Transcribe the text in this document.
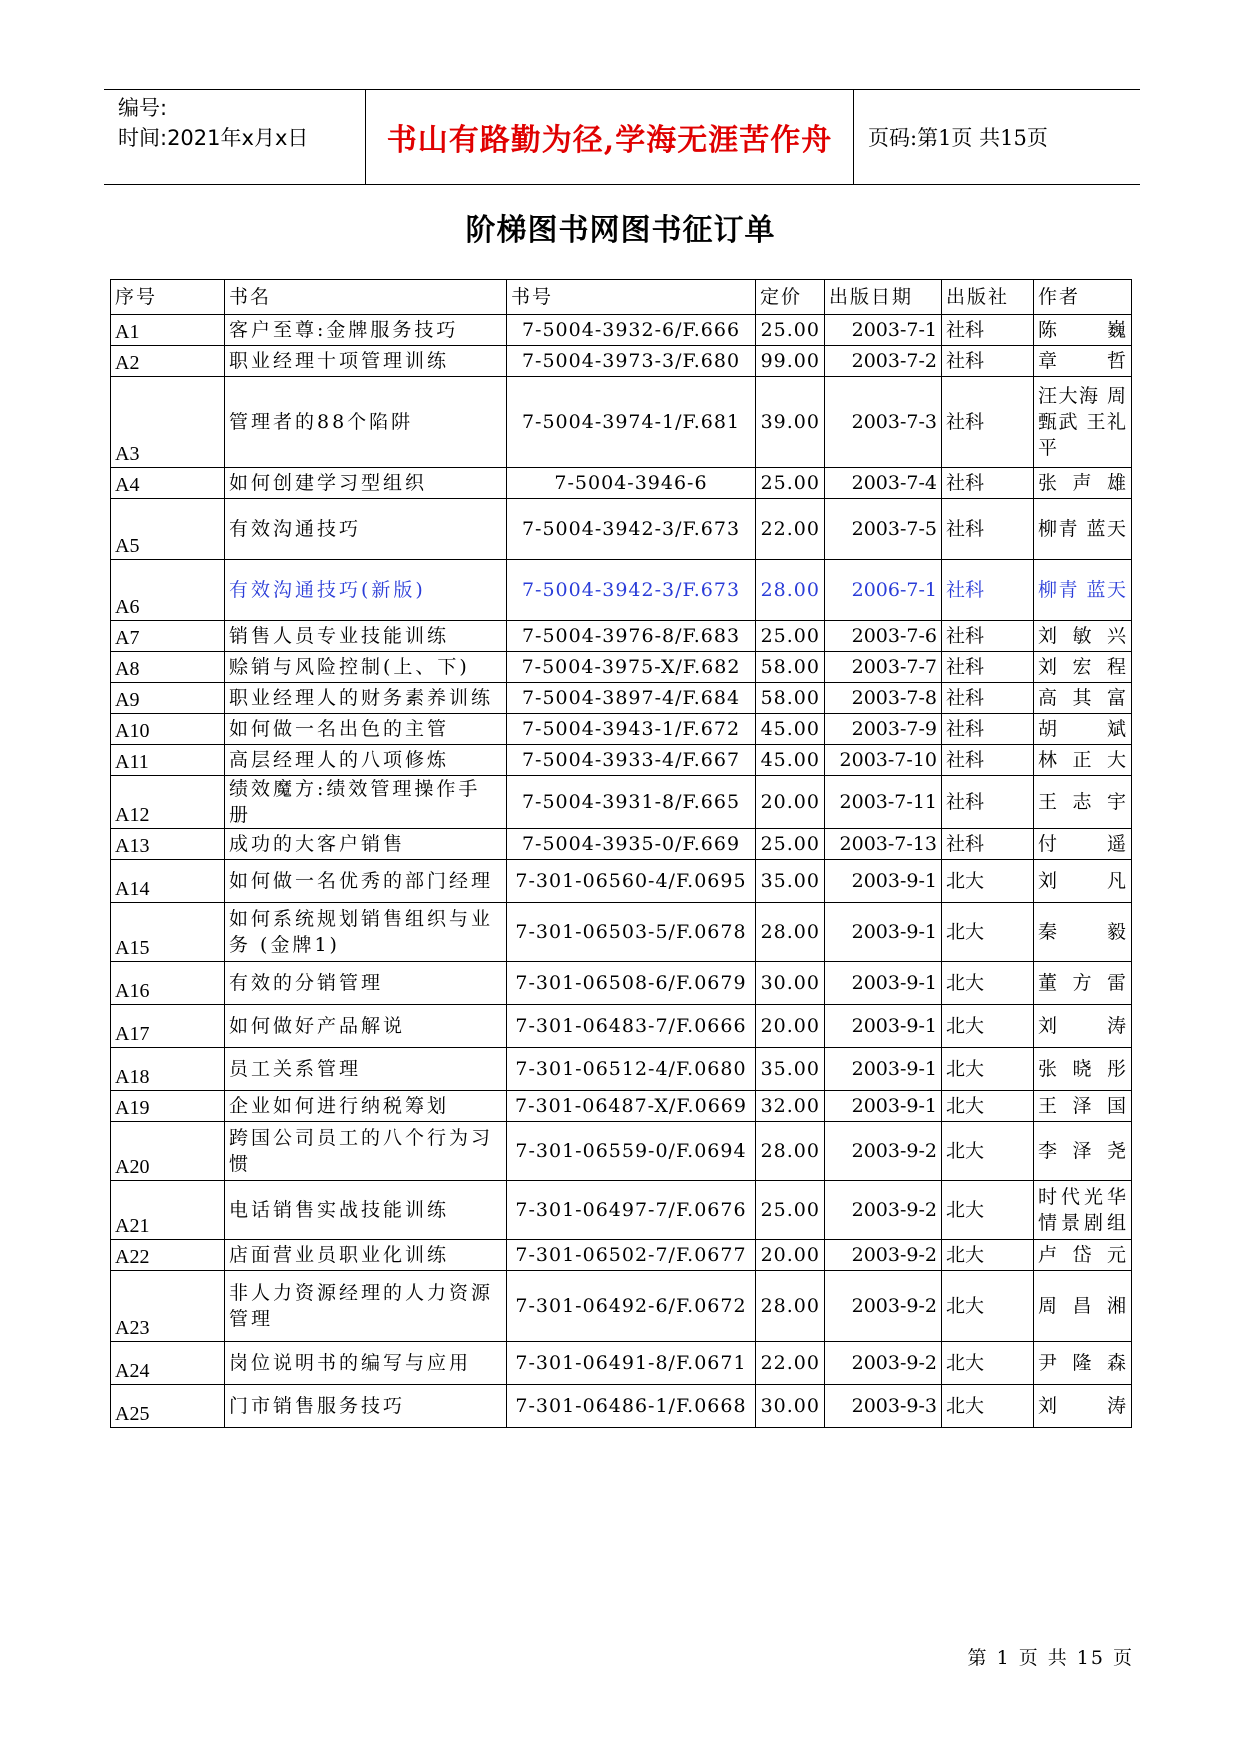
编号:
时间:2021年x月x日	书山有路勤为径,学海无涯苦作舟	页码:第1页 共15页
阶梯图书网图书征订单
序号	书名	书号	定价	出版日期	出版社	作者
A1	客户至尊:金牌服务技巧	7-5004-3932-6/F.666	25.00	2003-7-1	社科	陈巍
A2	职业经理十项管理训练	7-5004-3973-3/F.680	99.00	2003-7-2	社科	章哲
A3	管理者的88个陷阱	7-5004-3974-1/F.681	39.00	2003-7-3	社科	汪大海 周甄武 王礼平
A4	如何创建学习型组织	7-5004-3946-6	25.00	2003-7-4	社科	张声雄
A5	有效沟通技巧	7-5004-3942-3/F.673	22.00	2003-7-5	社科	柳青 蓝天
A6	有效沟通技巧(新版)	7-5004-3942-3/F.673	28.00	2006-7-1	社科	柳青 蓝天
A7	销售人员专业技能训练	7-5004-3976-8/F.683	25.00	2003-7-6	社科	刘敏兴
A8	赊销与风险控制(上、下)	7-5004-3975-X/F.682	58.00	2003-7-7	社科	刘宏程
A9	职业经理人的财务素养训练	7-5004-3897-4/F.684	58.00	2003-7-8	社科	高其富
A10	如何做一名出色的主管	7-5004-3943-1/F.672	45.00	2003-7-9	社科	胡斌
A11	高层经理人的八项修炼	7-5004-3933-4/F.667	45.00	2003-7-10	社科	林正大
A12	绩效魔方:绩效管理操作手册	7-5004-3931-8/F.665	20.00	2003-7-11	社科	王志宇
A13	成功的大客户销售	7-5004-3935-0/F.669	25.00	2003-7-13	社科	付遥
A14	如何做一名优秀的部门经理	7-301-06560-4/F.0695	35.00	2003-9-1	北大	刘凡
A15	如何系统规划销售组织与业务 (金牌1)	7-301-06503-5/F.0678	28.00	2003-9-1	北大	秦毅
A16	有效的分销管理	7-301-06508-6/F.0679	30.00	2003-9-1	北大	董方雷
A17	如何做好产品解说	7-301-06483-7/F.0666	20.00	2003-9-1	北大	刘涛
A18	员工关系管理	7-301-06512-4/F.0680	35.00	2003-9-1	北大	张晓彤
A19	企业如何进行纳税筹划	7-301-06487-X/F.0669	32.00	2003-9-1	北大	王泽国
A20	跨国公司员工的八个行为习惯	7-301-06559-0/F.0694	28.00	2003-9-2	北大	李泽尧
A21	电话销售实战技能训练	7-301-06497-7/F.0676	25.00	2003-9-2	北大	时代光华 情景剧组
A22	店面营业员职业化训练	7-301-06502-7/F.0677	20.00	2003-9-2	北大	卢岱元
A23	非人力资源经理的人力资源管理	7-301-06492-6/F.0672	28.00	2003-9-2	北大	周昌湘
A24	岗位说明书的编写与应用	7-301-06491-8/F.0671	22.00	2003-9-2	北大	尹隆森
A25	门市销售服务技巧	7-301-06486-1/F.0668	30.00	2003-9-3	北大	刘涛
第 1 页 共 15 页
